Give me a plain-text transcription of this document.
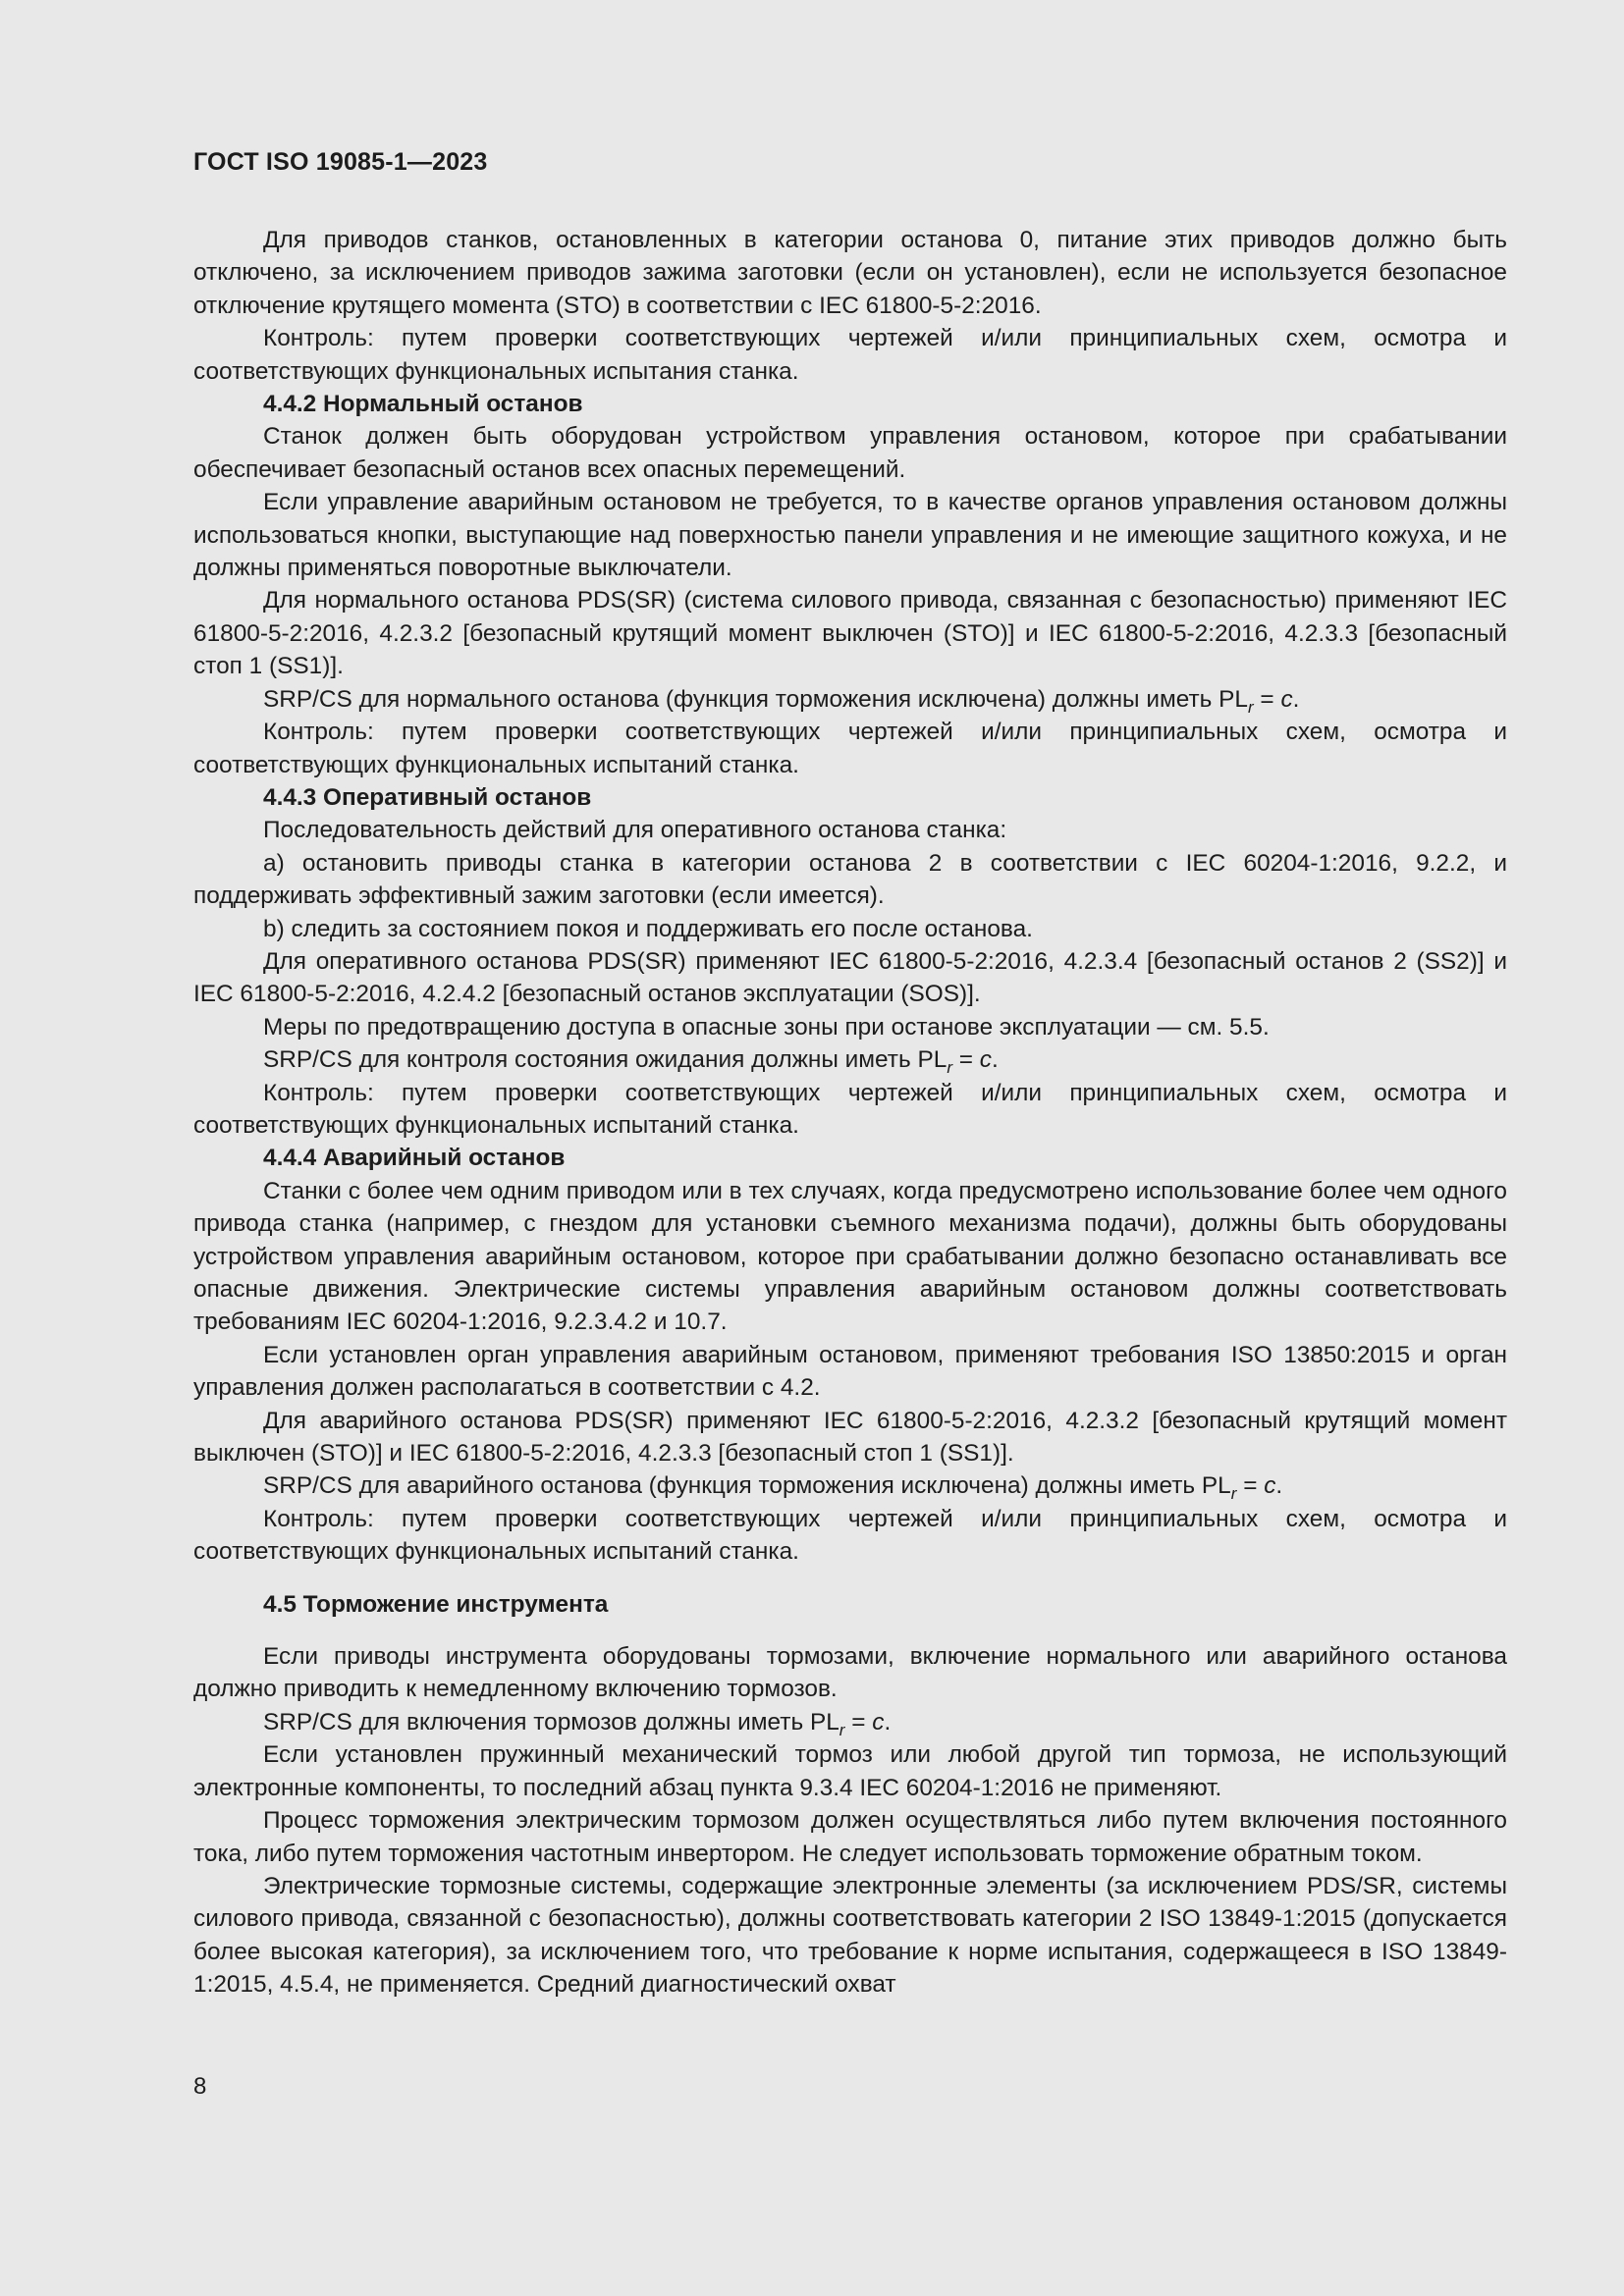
ГОСТ ISO 19085-1—2023

Для приводов станков, остановленных в категории останова 0, питание этих приводов должно быть отключено, за исключением приводов зажима заготовки (если он установлен), если не используется безопасное отключение крутящего момента (STO) в соответствии с IEC 61800-5-2:2016.

Контроль: путем проверки соответствующих чертежей и/или принципиальных схем, осмотра и соответствующих функциональных испытания станка.

4.4.2 Нормальный останов

Станок должен быть оборудован устройством управления остановом, которое при срабатывании обеспечивает безопасный останов всех опасных перемещений.

Если управление аварийным остановом не требуется, то в качестве органов управления остановом должны использоваться кнопки, выступающие над поверхностью панели управления и не имеющие защитного кожуха, и не должны применяться поворотные выключатели.

Для нормального останова PDS(SR) (система силового привода, связанная с безопасностью) применяют IEC 61800-5-2:2016, 4.2.3.2 [безопасный крутящий момент выключен (STO)] и IEC 61800-5-2:2016, 4.2.3.3 [безопасный стоп 1 (SS1)].

SRP/CS для нормального останова (функция торможения исключена) должны иметь $PL_r = c$.

Контроль: путем проверки соответствующих чертежей и/или принципиальных схем, осмотра и соответствующих функциональных испытаний станка.

4.4.3 Оперативный останов

Последовательность действий для оперативного останова станка:

a) остановить приводы станка в категории останова 2 в соответствии с IEC 60204-1:2016, 9.2.2, и поддерживать эффективный зажим заготовки (если имеется).

b) следить за состоянием покоя и поддерживать его после останова.

Для оперативного останова PDS(SR) применяют IEC 61800-5-2:2016, 4.2.3.4 [безопасный останов 2 (SS2)] и IEC 61800-5-2:2016, 4.2.4.2 [безопасный останов эксплуатации (SOS)].

Меры по предотвращению доступа в опасные зоны при останове эксплуатации — см. 5.5.

SRP/CS для контроля состояния ожидания должны иметь $PL_r = c$.

Контроль: путем проверки соответствующих чертежей и/или принципиальных схем, осмотра и соответствующих функциональных испытаний станка.

4.4.4 Аварийный останов

Станки с более чем одним приводом или в тех случаях, когда предусмотрено использование более чем одного привода станка (например, с гнездом для установки съемного механизма подачи), должны быть оборудованы устройством управления аварийным остановом, которое при срабатывании должно безопасно останавливать все опасные движения. Электрические системы управления аварийным остановом должны соответствовать требованиям IEC 60204-1:2016, 9.2.3.4.2 и 10.7.

Если установлен орган управления аварийным остановом, применяют требования ISO 13850:2015 и орган управления должен располагаться в соответствии с 4.2.

Для аварийного останова PDS(SR) применяют IEC 61800-5-2:2016, 4.2.3.2 [безопасный крутящий момент выключен (STO)] и IEC 61800-5-2:2016, 4.2.3.3 [безопасный стоп 1 (SS1)].

SRP/CS для аварийного останова (функция торможения исключена) должны иметь $PL_r = c$.

Контроль: путем проверки соответствующих чертежей и/или принципиальных схем, осмотра и соответствующих функциональных испытаний станка.

4.5 Торможение инструмента

Если приводы инструмента оборудованы тормозами, включение нормального или аварийного останова должно приводить к немедленному включению тормозов.

SRP/CS для включения тормозов должны иметь $PL_r = c$.

Если установлен пружинный механический тормоз или любой другой тип тормоза, не использующий электронные компоненты, то последний абзац пункта 9.3.4 IEC 60204-1:2016 не применяют.

Процесс торможения электрическим тормозом должен осуществляться либо путем включения постоянного тока, либо путем торможения частотным инвертором. Не следует использовать торможение обратным током.

Электрические тормозные системы, содержащие электронные элементы (за исключением PDS/SR, системы силового привода, связанной с безопасностью), должны соответствовать категории 2 ISO 13849-1:2015 (допускается более высокая категория), за исключением того, что требование к норме испытания, содержащееся в ISO 13849-1:2015, 4.5.4, не применяется. Средний диагностический охват

8
